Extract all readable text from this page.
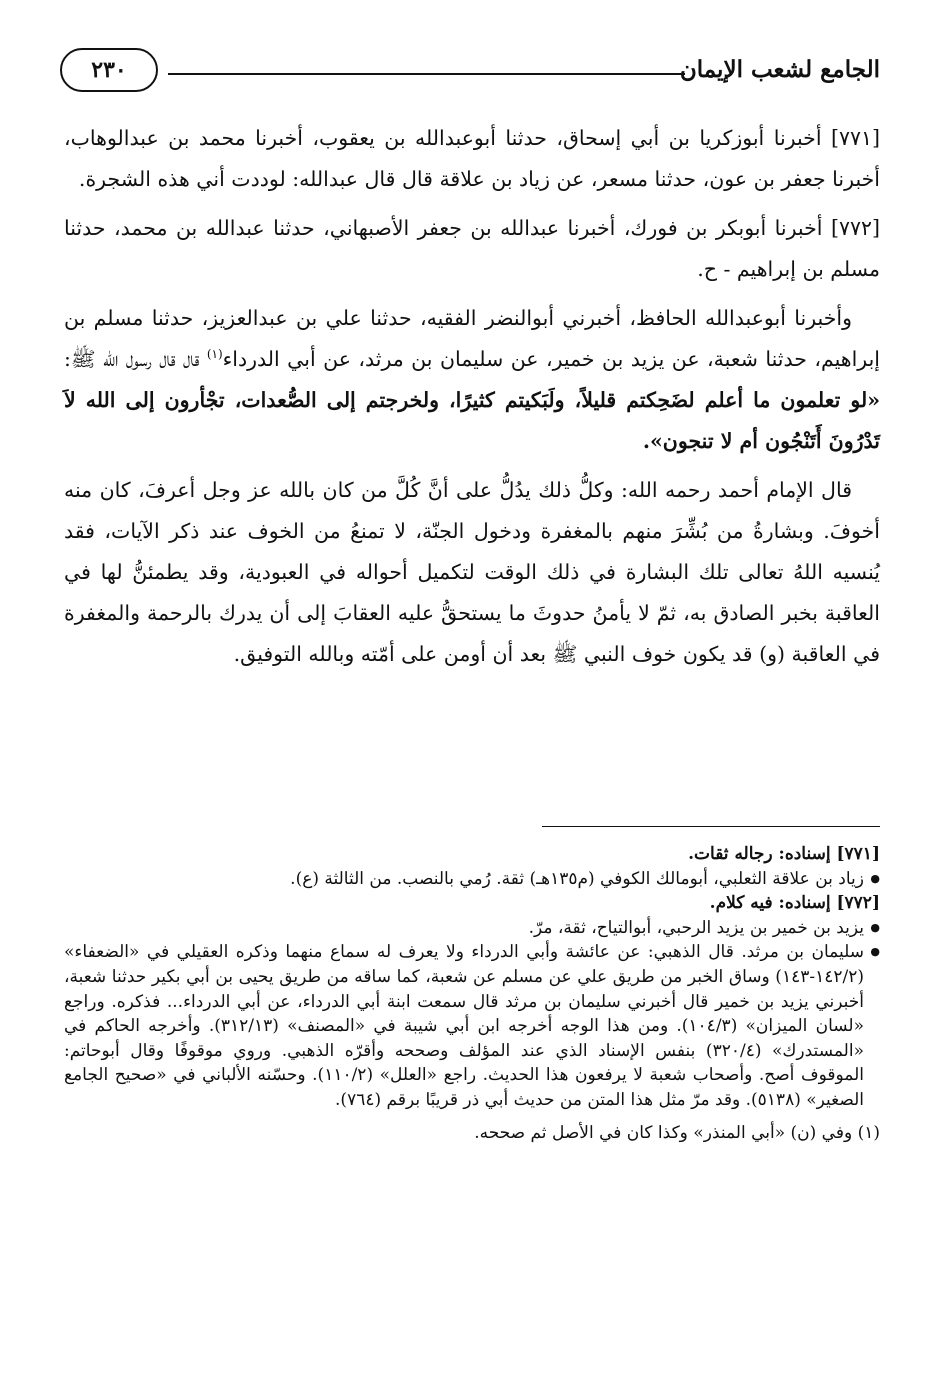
الجامع لشعب الإيمان
٢٣٠

[٧٧١] أخبرنا أبوزكريا بن أبي إسحاق، حدثنا أبوعبدالله بن يعقوب، أخبرنا محمد بن عبدالوهاب، أخبرنا جعفر بن عون، حدثنا مسعر، عن زياد بن علاقة قال قال عبدالله: لوددت أني هذه الشجرة.

[٧٧٢] أخبرنا أبوبكر بن فورك، أخبرنا عبدالله بن جعفر الأصبهاني، حدثنا عبدالله بن محمد، حدثنا مسلم بن إبراهيم - ح.

وأخبرنا أبوعبدالله الحافظ، أخبرني أبوالنضر الفقيه، حدثنا علي بن عبدالعزيز، حدثنا مسلم بن إبراهيم، حدثنا شعبة، عن يزيد بن خمير، عن سليمان بن مرثد، عن أبي الدرداء$^{(١)}$ قال قال رسول الله ﷺ: «لو تعلمون ما أعلم لضَحِكتم قليلاً، ولَبَكيتم كثيرًا، ولخرجتم إلى الصُّعدات، تجْأرون إلى الله لاَ تَدْرُونَ أَتَنْجُون أم لا تنجون».

قال الإمام أحمد رحمه الله: وكلُّ ذلك يدُلُّ على أنَّ كُلَّ من كان بالله عز وجل أعرفَ، كان منه أخوفَ. وبشارةُ من بُشِّرَ منهم بالمغفرة ودخول الجنّة، لا تمنعُ من الخوف عند ذكر الآيات، فقد يُنسيه اللهُ تعالى تلك البشارة في ذلك الوقت لتكميل أحواله في العبودية، وقد يطمئنُّ لها في العاقبة بخبر الصادق به، ثمّ لا يأمنُ حدوثَ ما يستحقُّ عليه العقابَ إلى أن يدرك بالرحمة والمغفرة في العاقبة (و) قد يكون خوف النبي ﷺ بعد أن أومن على أمّته وبالله التوفيق.

[٧٧١] إسناده: رجاله ثقات.

● زياد بن علاقة الثعلبي، أبومالك الكوفي (م١٣٥هـ) ثقة. رُمي بالنصب. من الثالثة (ع).

[٧٧٢] إسناده: فيه كلام.

● يزيد بن خمير بن يزيد الرحبي، أبوالتياح، ثقة، مرّ.
● سليمان بن مرثد. قال الذهبي: عن عائشة وأبي الدرداء ولا يعرف له سماع منهما وذكره العقيلي في «الضعفاء» (١٤٢/٢-١٤٣) وساق الخبر من طريق علي عن مسلم عن شعبة، كما ساقه من طريق يحيى بن أبي بكير حدثنا شعبة، أخبرني يزيد بن خمير قال أخبرني سليمان بن مرثد قال سمعت ابنة أبي الدرداء، عن أبي الدرداء... فذكره. وراجع «لسان الميزان» (١٠٤/٣). ومن هذا الوجه أخرجه ابن أبي شيبة في «المصنف» (٣١٢/١٣). وأخرجه الحاكم في «المستدرك» (٣٢٠/٤) بنفس الإسناد الذي عند المؤلف وصححه وأقرّه الذهبي. وروي موقوفًا وقال أبوحاتم: الموقوف أصح. وأصحاب شعبة لا يرفعون هذا الحديث. راجع «العلل» (١١٠/٢). وحسّنه الألباني في «صحيح الجامع الصغير» (٥١٣٨). وقد مرّ مثل هذا المتن من حديث أبي ذر قريبًا برقم (٧٦٤).

(١) وفي (ن) «أبي المنذر» وكذا كان في الأصل ثم صححه.
